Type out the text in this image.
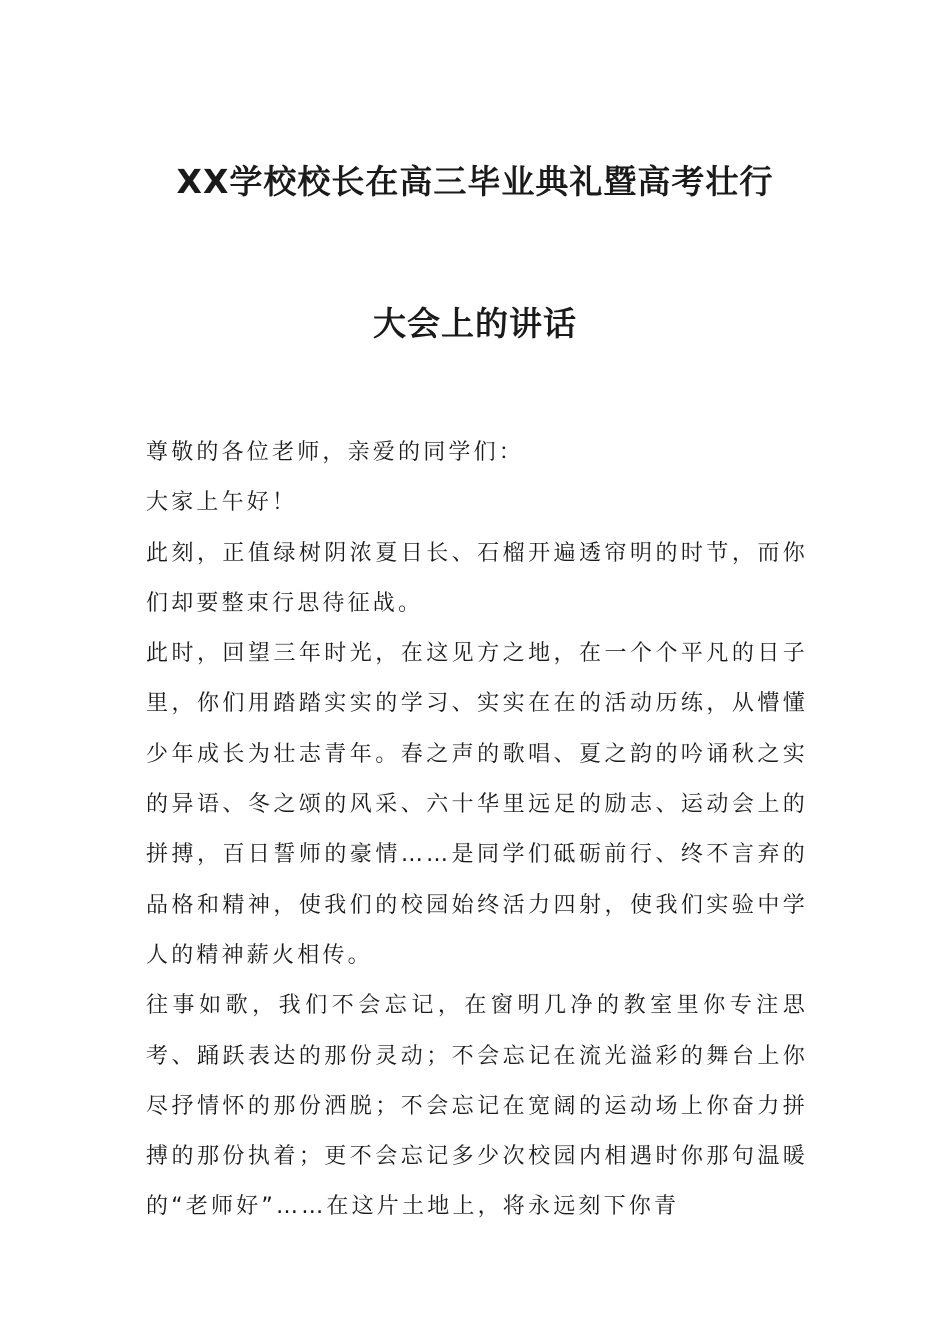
XX学校校长在高三毕业典礼暨高考壮行
大会上的讲话

尊敬的各位老师，亲爱的同学们：

大家上午好！

此刻，正值绿树阴浓夏日长、石榴开遍透帘明的时节，而你们却要整束行思待征战。

此时，回望三年时光，在这见方之地，在一个个平凡的日子里，你们用踏踏实实的学习、实实在在的活动历练，从懵懂少年成长为壮志青年。春之声的歌唱、夏之韵的吟诵秋之实的异语、冬之颂的风采、六十华里远足的励志、运动会上的拼搏，百日誓师的豪情……是同学们砥砺前行、终不言弃的品格和精神，使我们的校园始终活力四射，使我们实验中学人的精神薪火相传。

往事如歌，我们不会忘记，在窗明几净的教室里你专注思考、踊跃表达的那份灵动；不会忘记在流光溢彩的舞台上你尽抒情怀的那份洒脱；不会忘记在宽阔的运动场上你奋力拼搏的那份执着；更不会忘记多少次校园内相遇时你那句温暖的“老师好”……在这片土地上，将永远刻下你青
